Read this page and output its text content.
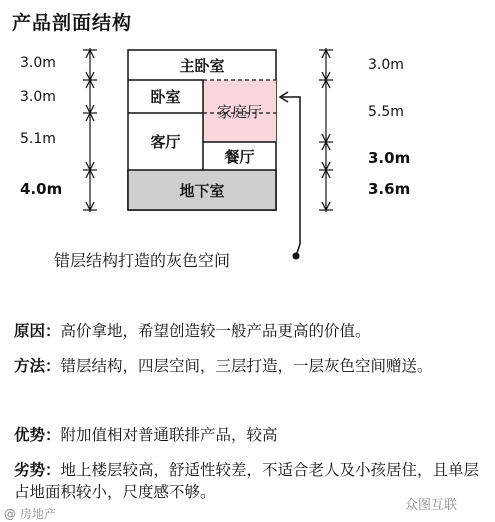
产品剖面结构
3.0m
3.0m
5.1m
4.0m
3.0m
5.5m
3.0m
3.6m
主卧室
卧室
家庭厅
客厅
餐厅
地下室
错层结构打造的灰色空间
原因：高价拿地，希望创造较一般产品更高的价值。
方法：错层结构，四层空间，三层打造，一层灰色空间赠送。
优势：附加值相对普通联排产品，较高
劣势：地上楼层较高，舒适性较差，不适合老人及小孩居住，且单层占地面积较小，尺度感不够。
@ 房地产
众图互联
